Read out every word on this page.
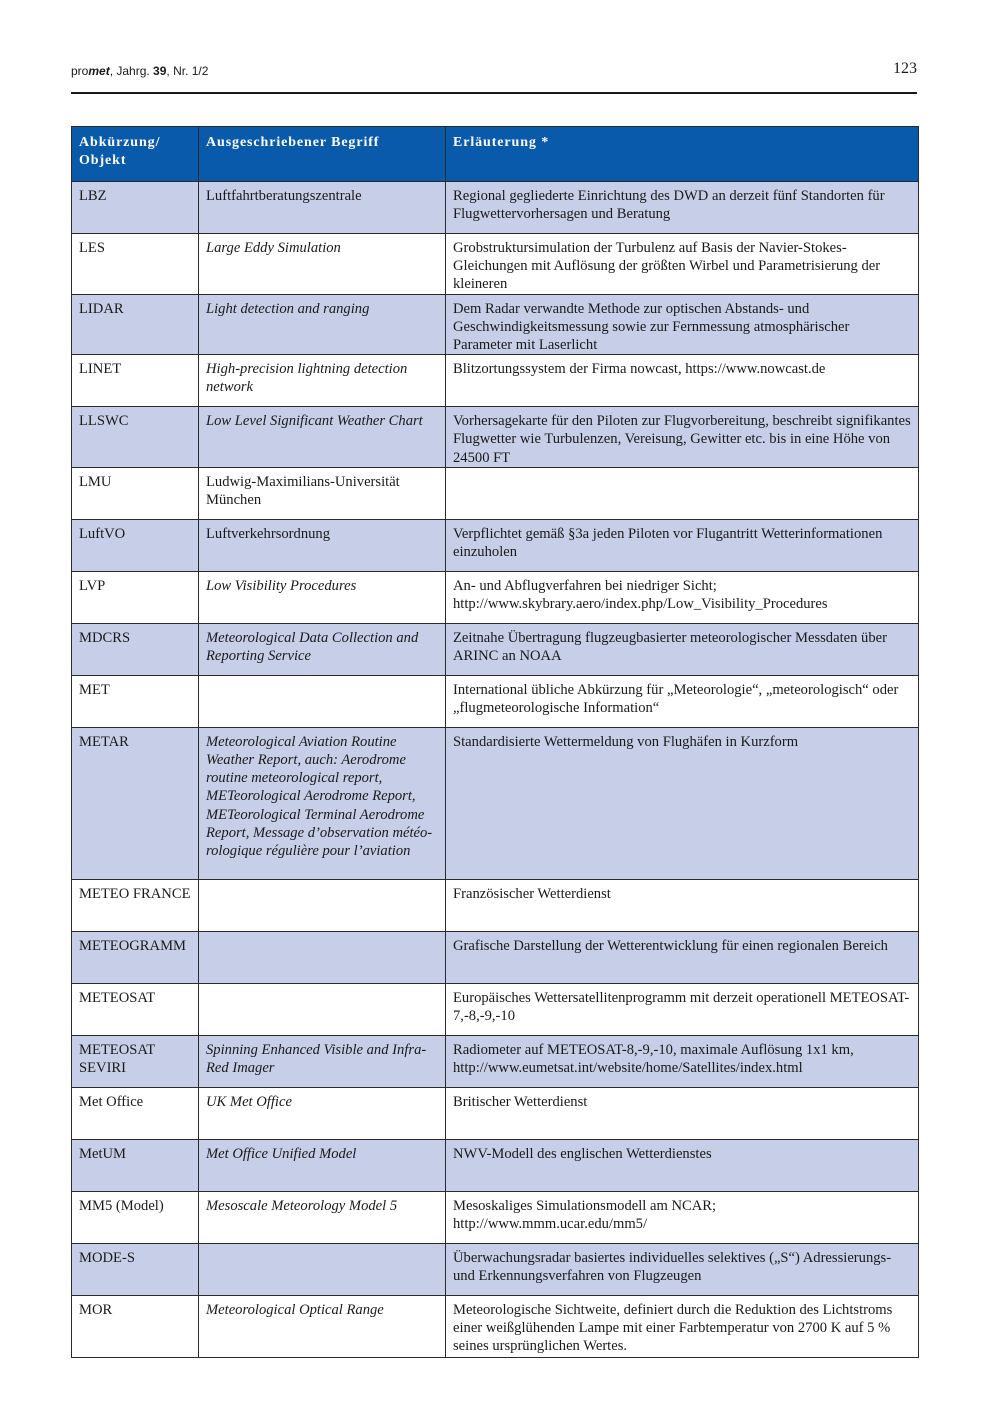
promet, Jahrg. 39, Nr. 1/2	123
Abkürzung/ Objekt	Ausgeschriebener Begriff	Erläuterung *
LBZ	Luftfahrtberatungszentrale	Regional gegliederte Einrichtung des DWD an derzeit fünf Standorten für Flugwettervorhersagen und Beratung
LES	Large Eddy Simulation	Grobstruktursimulation der Turbulenz auf Basis der Navier-Stokes-Gleichungen mit Auflösung der größten Wirbel und Parametrisierung der kleineren
LIDAR	Light detection and ranging	Dem Radar verwandte Methode zur optischen Abstands- und Geschwindigkeitsmessung sowie zur Fernmessung atmosphärischer Parameter mit Laserlicht
LINET	High-precision lightning detection network	Blitzortungssystem der Firma nowcast, https://www.nowcast.de
LLSWC	Low Level Significant Weather Chart	Vorhersagekarte für den Piloten zur Flugvorbereitung, beschreibt signifikantes Flugwetter wie Turbulenzen, Vereisung, Gewitter etc. bis in eine Höhe von 24500 FT
LMU	Ludwig-Maximilians-Universität München	
LuftVO	Luftverkehrsordnung	Verpflichtet gemäß §3a jeden Piloten vor Flugantritt Wetterinformationen einzuholen
LVP	Low Visibility Procedures	An- und Abflugverfahren bei niedriger Sicht; http://www.skybrary.aero/index.php/Low_Visibility_Procedures
MDCRS	Meteorological Data Collection and Reporting Service	Zeitnahe Übertragung flugzeugbasierter meteorologischer Messdaten über ARINC an NOAA
MET		International übliche Abkürzung für „Meteorologie“, „meteorologisch“ oder „flugmeteorologische Information“
METAR	Meteorological Aviation Routine Weather Report, auch: Aerodrome routine meteorological report, METeorological Aerodrome Report, METeorological Terminal Aerodrome Report, Message d’observation météo-rologique régulière pour l’aviation	Standardisierte Wettermeldung von Flughäfen in Kurzform
METEO FRANCE		Französischer Wetterdienst
METEOGRAMM		Grafische Darstellung der Wetterentwicklung für einen regionalen Bereich
METEOSAT		Europäisches Wettersatellitenprogramm mit derzeit operationell METEOSAT-7,-8,-9,-10
METEOSAT SEVIRI	Spinning Enhanced Visible and Infra-Red Imager	Radiometer auf METEOSAT-8,-9,-10, maximale Auflösung 1x1 km, http://www.eumetsat.int/website/home/Satellites/index.html
Met Office	UK Met Office	Britischer Wetterdienst
MetUM	Met Office Unified Model	NWV-Modell des englischen Wetterdienstes
MM5 (Model)	Mesoscale Meteorology Model 5	Mesoskaliges Simulationsmodell am NCAR; http://www.mmm.ucar.edu/mm5/
MODE-S		Überwachungsradar basiertes individuelles selektives („S“) Adressierungs- und Erkennungsverfahren von Flugzeugen
MOR	Meteorological Optical Range	Meteorologische Sichtweite, definiert durch die Reduktion des Lichtstroms einer weißglühenden Lampe mit einer Farbtemperatur von 2700 K auf 5 % seines ursprünglichen Wertes.
